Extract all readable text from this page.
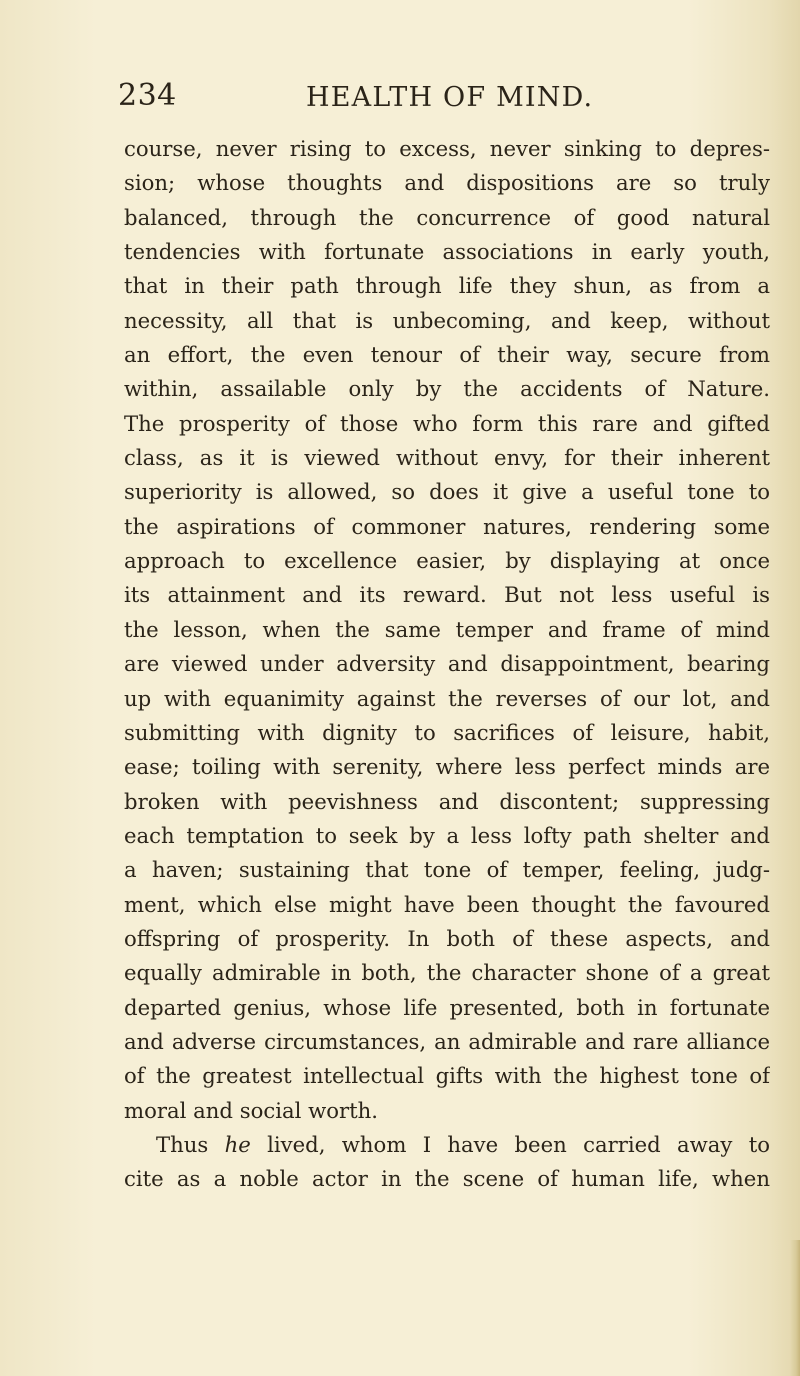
234	HEALTH OF MIND.
course, never rising to excess, never sinking to depres-
sion; whose thoughts and dispositions are so truly
balanced, through the concurrence of good natural
tendencies with fortunate associations in early youth,
that in their path through life they shun, as from a
necessity, all that is unbecoming, and keep, without
an effort, the even tenour of their way, secure from
within, assailable only by the accidents of Nature.
The prosperity of those who form this rare and gifted
class, as it is viewed without envy, for their inherent
superiority is allowed, so does it give a useful tone to
the aspirations of commoner natures, rendering some
approach to excellence easier, by displaying at once
its attainment and its reward. But not less useful is
the lesson, when the same temper and frame of mind
are viewed under adversity and disappointment, bearing
up with equanimity against the reverses of our lot, and
submitting with dignity to sacrifices of leisure, habit,
ease; toiling with serenity, where less perfect minds are
broken with peevishness and discontent; suppressing
each temptation to seek by a less lofty path shelter and
a haven; sustaining that tone of temper, feeling, judg-
ment, which else might have been thought the favoured
offspring of prosperity. In both of these aspects, and
equally admirable in both, the character shone of a great
departed genius, whose life presented, both in fortunate
and adverse circumstances, an admirable and rare alliance
of the greatest intellectual gifts with the highest tone of
moral and social worth.
Thus he lived, whom I have been carried away to
cite as a noble actor in the scene of human life, when
